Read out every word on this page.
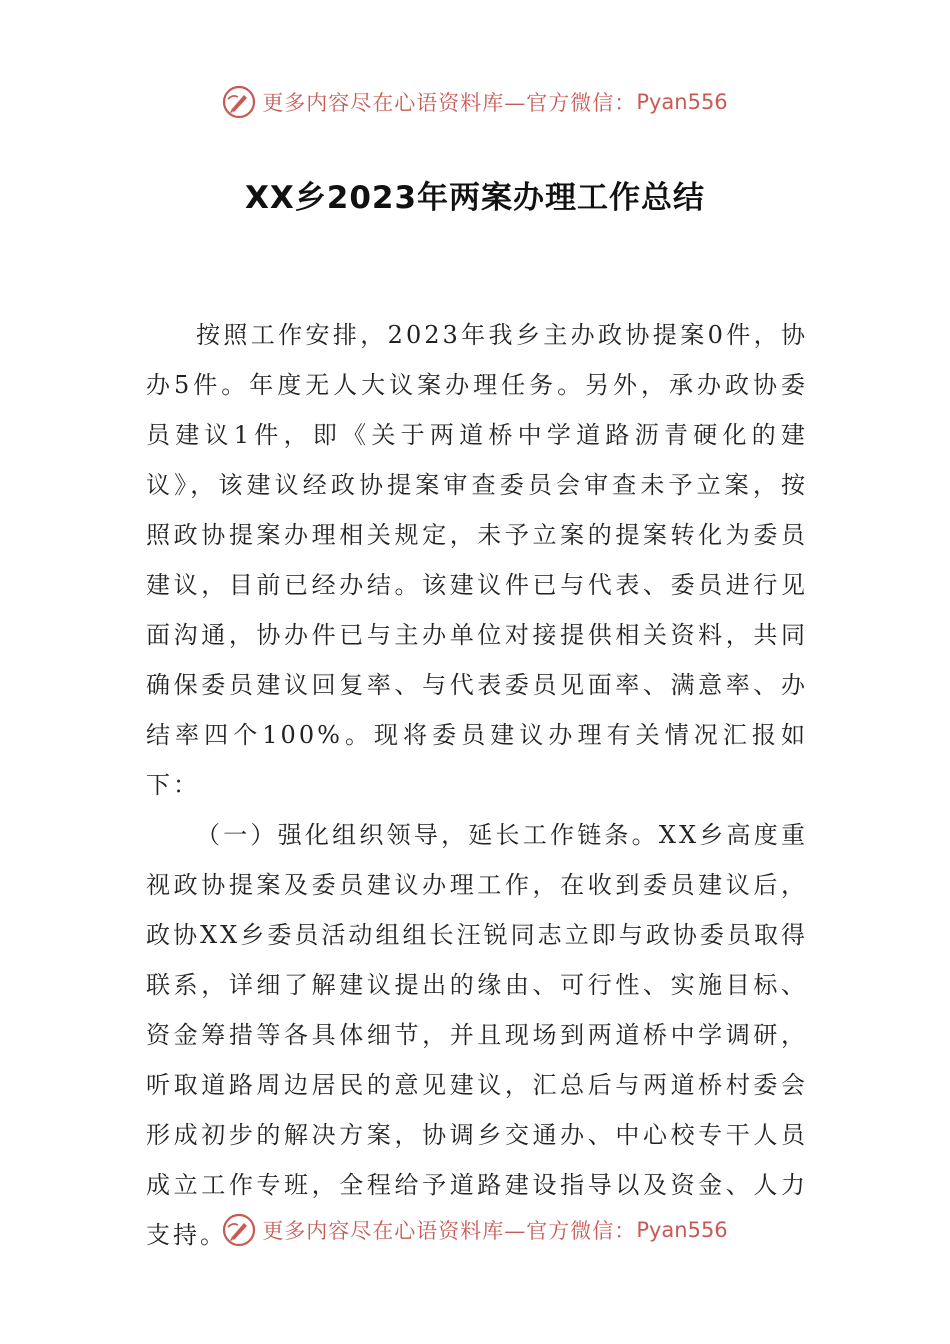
更多内容尽在心语资料库—官方微信： Pyan556
XX乡2023年两案办理工作总结

按照工作安排，2023年我乡主办政协提案0件，协办5件。年度无人大议案办理任务。另外，承办政协委员建议1件，即《关于两道桥中学道路沥青硬化的建议》，该建议经政协提案审查委员会审查未予立案，按照政协提案办理相关规定，未予立案的提案转化为委员建议，目前已经办结。该建议件已与代表、委员进行见面沟通，协办件已与主办单位对接提供相关资料，共同确保委员建议回复率、与代表委员见面率、满意率、办结率四个100%。现将委员建议办理有关情况汇报如下：

（一）强化组织领导，延长工作链条。XX乡高度重视政协提案及委员建议办理工作，在收到委员建议后，政协XX乡委员活动组组长汪锐同志立即与政协委员取得联系，详细了解建议提出的缘由、可行性、实施目标、资金筹措等各具体细节，并且现场到两道桥中学调研，听取道路周边居民的意见建议，汇总后与两道桥村委会形成初步的解决方案，协调乡交通办、中心校专干人员成立工作专班，全程给予道路建设指导以及资金、人力支持。	更多内容尽在心语资料库—官方微信： Pyan556
